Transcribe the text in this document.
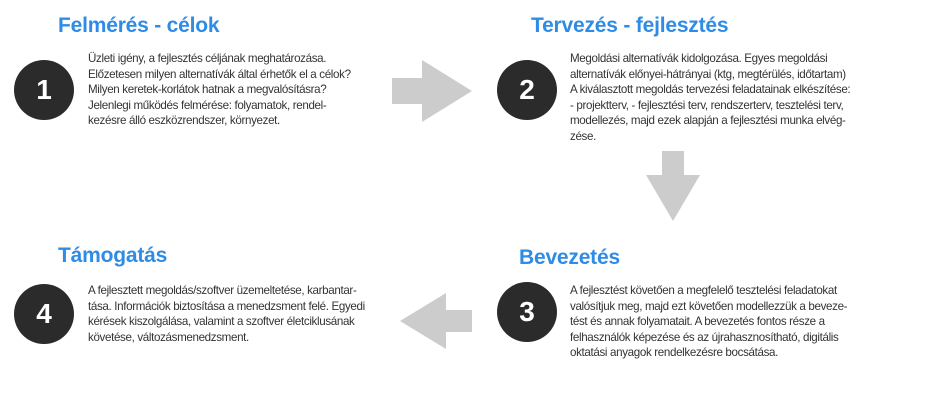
Felmérés - célok
1
Üzleti igény, a fejlesztés céljának meghatározása.
Előzetesen milyen alternatívák által érhetők el a célok?
Milyen keretek-korlátok hatnak a megvalósításra?
Jelenlegi működés felmérése: folyamatok, rendel-
kezésre álló eszközrendszer, környezet.
Tervezés - fejlesztés
2
Megoldási alternatívák kidolgozása. Egyes megoldási
alternatívák előnyei-hátrányai (ktg, megtérülés, időtartam)
A kiválasztott megoldás tervezési feladatainak elkészítése:
- projektterv, - fejlesztési terv, rendszerterv, tesztelési terv,
modellezés, majd ezek alapján a fejlesztési munka elvég-
zése.
Bevezetés
3
A fejlesztést követően a megfelelő tesztelési feladatokat
valósítjuk meg, majd ezt követően modellezzük a beveze-
tést és annak folyamatait. A bevezetés fontos része a
felhasználók képezése és az újrahasznosítható, digitális
oktatási anyagok rendelkezésre bocsátása.
Támogatás
4
A fejlesztett megoldás/szoftver üzemeltetése, karbantar-
tása. Információk biztosítása a menedzsment felé. Egyedi
kérések kiszolgálása, valamint a szoftver életciklusának
követése, változásmenedzsment.
